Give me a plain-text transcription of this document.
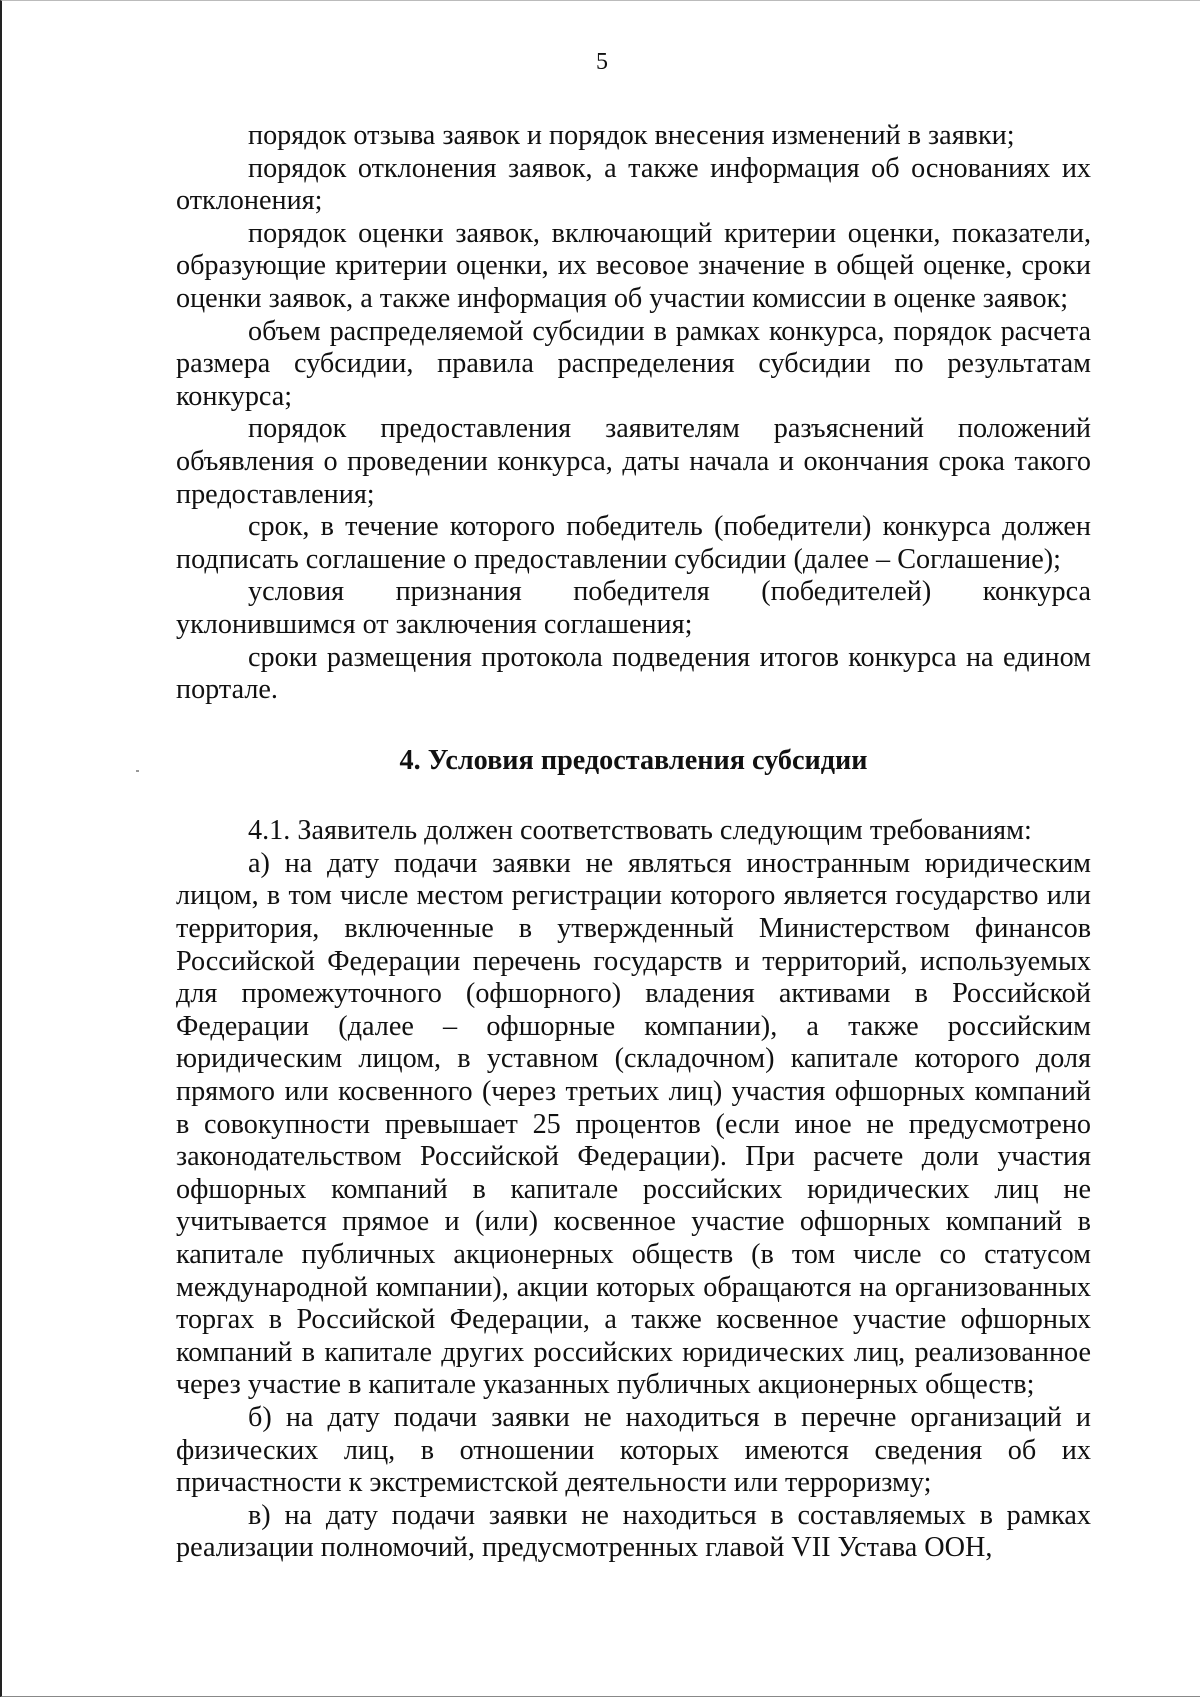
5

порядок отзыва заявок и порядок внесения изменений в заявки;

порядок отклонения заявок, а также информация об основаниях их отклонения;

порядок оценки заявок, включающий критерии оценки, показатели, образующие критерии оценки, их весовое значение в общей оценке, сроки оценки заявок, а также информация об участии комиссии в оценке заявок;

объем распределяемой субсидии в рамках конкурса, порядок расчета размера субсидии, правила распределения субсидии по результатам конкурса;

порядок предоставления заявителям разъяснений положений объявления о проведении конкурса, даты начала и окончания срока такого предоставления;

срок, в течение которого победитель (победители) конкурса должен подписать соглашение о предоставлении субсидии (далее – Соглашение);

условия признания победителя (победителей) конкурса уклонившимся от заключения соглашения;

сроки размещения протокола подведения итогов конкурса на едином портале.

4. Условия предоставления субсидии

4.1. Заявитель должен соответствовать следующим требованиям:

а) на дату подачи заявки не являться иностранным юридическим лицом, в том числе местом регистрации которого является государство или территория, включенные в утвержденный Министерством финансов Российской Федерации перечень государств и территорий, используемых для промежуточного (офшорного) владения активами в Российской Федерации (далее – офшорные компании), а также российским юридическим лицом, в уставном (складочном) капитале которого доля прямого или косвенного (через третьих лиц) участия офшорных компаний в совокупности превышает 25 процентов (если иное не предусмотрено законодательством Российской Федерации). При расчете доли участия офшорных компаний в капитале российских юридических лиц не учитывается прямое и (или) косвенное участие офшорных компаний в капитале публичных акционерных обществ (в том числе со статусом международной компании), акции которых обращаются на организованных торгах в Российской Федерации, а также косвенное участие офшорных компаний в капитале других российских юридических лиц, реализованное через участие в капитале указанных публичных акционерных обществ;

б) на дату подачи заявки не находиться в перечне организаций и физических лиц, в отношении которых имеются сведения об их причастности к экстремистской деятельности или терроризму;

в) на дату подачи заявки не находиться в составляемых в рамках реализации полномочий, предусмотренных главой VII Устава ООН,
